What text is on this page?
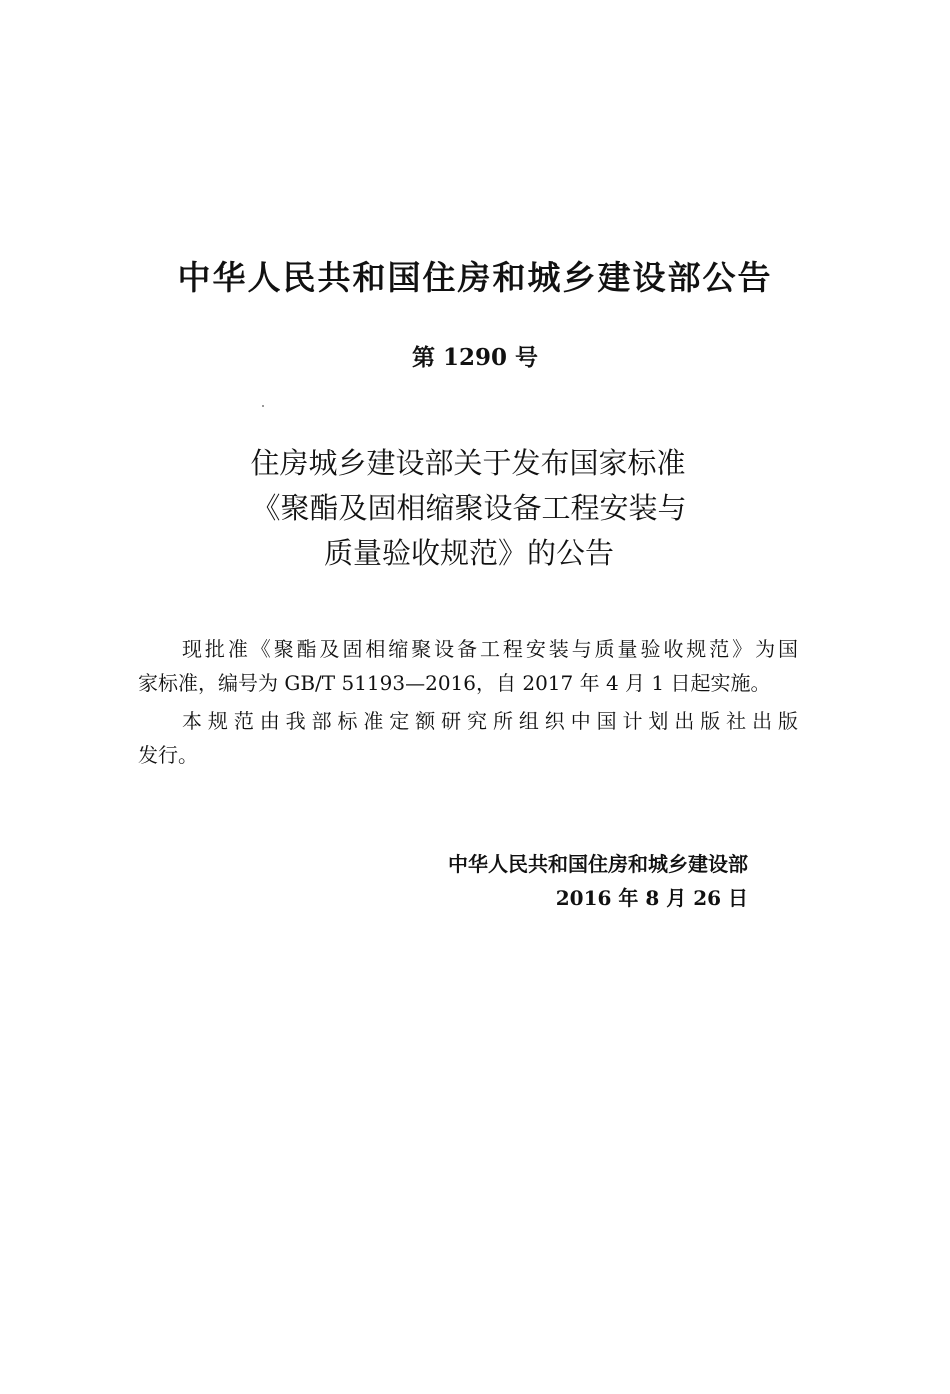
中华人民共和国住房和城乡建设部公告
第 1290 号
住房城乡建设部关于发布国家标准
《聚酯及固相缩聚设备工程安装与
质量验收规范》的公告
现批准《聚酯及固相缩聚设备工程安装与质量验收规范》为国
家标准，编号为 GB/T 51193—2016，自 2017 年 4 月 1 日起实施。
本规范由我部标准定额研究所组织中国计划出版社出版
发行。
中华人民共和国住房和城乡建设部
2016 年 8 月 26 日
